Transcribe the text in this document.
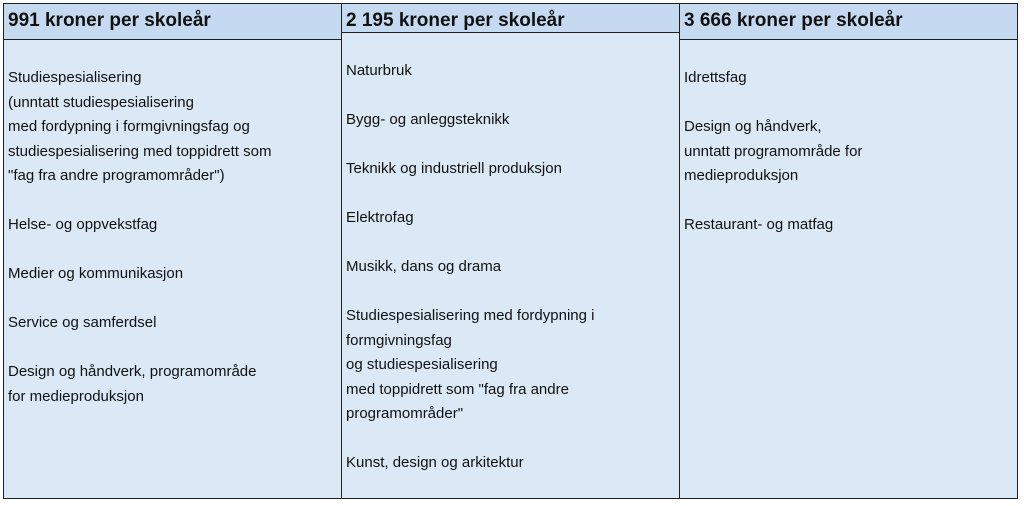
991 kroner per skoleår
Studiespesialisering
(unntatt studiespesialisering
med fordypning i formgivningsfag og
studiespesialisering med toppidrett som
"fag fra andre programområder")
Helse- og oppvekstfag
Medier og kommunikasjon
Service og samferdsel
Design og håndverk, programområde
for medieproduksjon
2 195 kroner per skoleår
Naturbruk
Bygg- og anleggsteknikk
Teknikk og industriell produksjon
Elektrofag
Musikk, dans og drama
Studiespesialisering med fordypning i
formgivningsfag
og studiespesialisering
med toppidrett som "fag fra andre
programområder"
Kunst, design og arkitektur
3 666 kroner per skoleår
Idrettsfag
Design og håndverk,
unntatt programområde for
medieproduksjon
Restaurant- og matfag
